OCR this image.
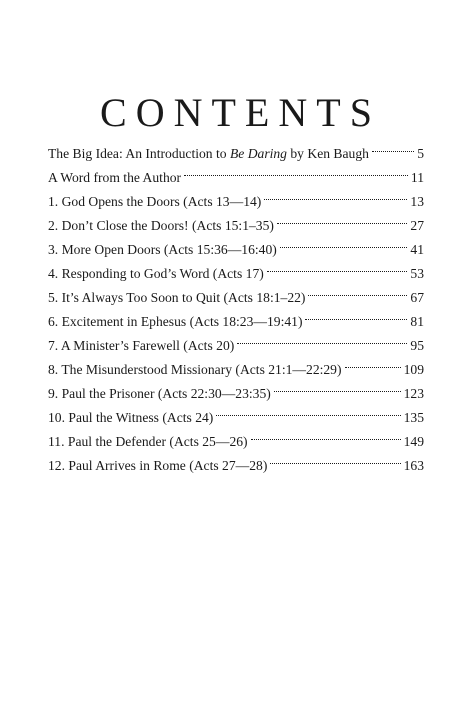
CONTENTS
The Big Idea: An Introduction to Be Daring by Ken Baugh	5
A Word from the Author	11
1. God Opens the Doors (Acts 13—14)	13
2. Don’t Close the Doors! (Acts 15:1–35)	27
3. More Open Doors (Acts 15:36—16:40)	41
4. Responding to God’s Word (Acts 17)	53
5. It’s Always Too Soon to Quit (Acts 18:1–22)	67
6. Excitement in Ephesus (Acts 18:23—19:41)	81
7. A Minister’s Farewell (Acts 20)	95
8. The Misunderstood Missionary (Acts 21:1—22:29)	109
9. Paul the Prisoner (Acts 22:30—23:35)	123
10. Paul the Witness (Acts 24)	135
11. Paul the Defender (Acts 25—26)	149
12. Paul Arrives in Rome (Acts 27—28)	163
